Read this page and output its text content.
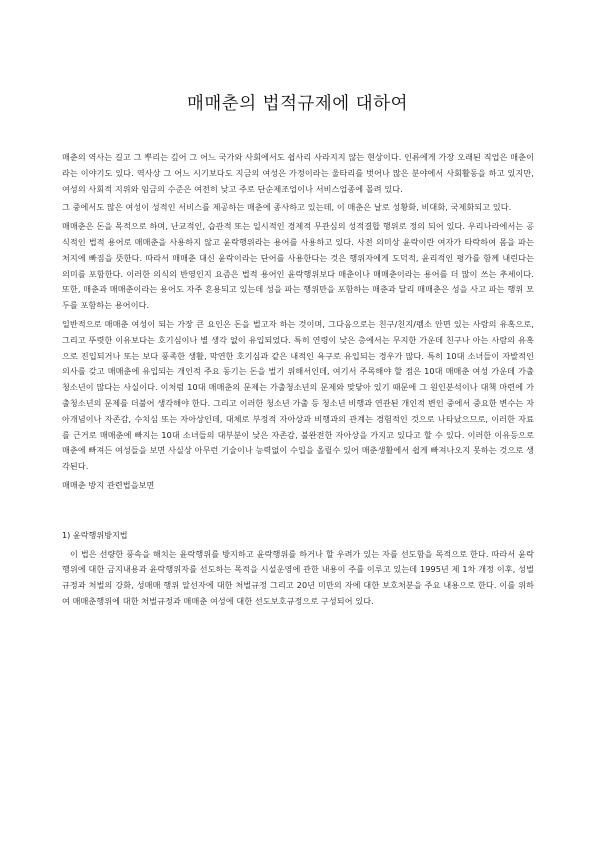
매매춘의 법적규제에 대하여

매춘의 역사는 길고 그 뿌리는 깊어 그 어느 국가와 사회에서도 쉽사리 사라지지 않는 현상이다. 인류에게 가장 오래된 직업은 매춘이라는 이야기도 있다. 역사상 그 어느 시기보다도 지금의 여성은 가정이라는 울타리를 벗어나 많은 분야에서 사회활동을 하고 있지만, 여성의 사회적 지위와 임금의 수준은 여전히 낮고 주로 단순제조업이나 서비스업종에 몰려 있다.

그 중에서도 많은 여성이 성적인 서비스를 제공하는 매춘에 종사하고 있는데, 이 매춘은 날로 성황화, 비대화, 국제화되고 있다.

매매춘은 돈을 목적으로 하며, 난교적인, 습관적 또는 일시적인 경제적 무관심의 성적결합 행위로 정의 되어 있다. 우리나라에서는 공식적인 법적 용어로 매매춘을 사용하지 않고 윤락행위라는 용어를 사용하고 있다. 사전 의미상 윤락이란 여자가 타락하여 몸을 파는 처지에 빠짐을 뜻한다. 따라서 매매춘 대신 윤락이라는 단어를 사용한다는 것은 행위자에게 도덕적, 윤리적인 평가를 함께 내린다는 의미를 포함한다. 이러한 의식의 반영인지 요즘은 법적 용어인 윤락행위보다 매춘이나 매매춘이라는 용어를 더 많이 쓰는 추세이다. 또한, 매춘과 매매춘이라는 용어도 자주 혼용되고 있는데 성을 파는 행위만을 포함하는 매춘과 달리 매매춘은 성을 사고 파는 행위 모두를 포함하는 용어이다.

일반적으로 매매춘 여성이 되는 가장 큰 요인은 돈을 벌고자 하는 것이며, 그다음으로는 친구/친지/펨소 안면 있는 사람의 유혹으로, 그리고 뚜렷한 이유보다는 호기심이나 별 생각 없이 유입되었다. 특히 연령이 낮은 층에서는 무지한 가운데 친구나 아는 사람의 유혹으로 진입되거나 또는 보다 풍족한 생활, 막연한 호기심과 같은 내적인 욕구로 유입되는 경우가 많다. 특히 10대 소녀들이 자발적인 의사를 갖고 매매춘에 유입되는 개인적 주요 동기는 돈을 벌기 위해서인데, 여기서 주목해야 할 점은 10대 매매춘 여성 가운데 가출청소년이 많다는 사실이다. 이처럼 10대 매매춘의 문제는 가출청소년의 문제와 맞닿아 있기 때문에 그 원인분석이나 대책 마련에 가출청소년의 문제를 더불어 생각해야 한다. 그리고 이러한 청소년 가출 등 청소년 비행과 연관된 개인적 변인 중에서 중요한 변수는 자아개념이나 자존감, 수치심 또는 자아상인데, 대체로 부정적 자아상과 비행과의 관계는 경험적인 것으로 나타났으므로, 이러한 자료를 근거로 매매춘에 빠지는 10대 소녀들의 대부분이 낮은 자존감, 불완전한 자아상을 가지고 있다고 할 수 있다. 이러한 이유등으로 매춘에 빠져든 여성들을 보면 사실상 아무런 기술이나 능력없이 수입을 올릴수 있어 매춘생활에서 쉽게 빠져나오지 못하는 것으로 생각된다.

매매춘 방지 관련법을보면

1) 윤락행위방지법

이 법은 선량한 풍속을 해치는 윤락행위를 방지하고 윤락행위를 하거나 할 우려가 있는 자를 선도함을 목적으로 한다. 따라서 윤락행위에 대한 금지내용과 윤락행위자를 선도하는 목적을 시설운영에 관한 내용이 주를 이루고 있는데 1995년 제 1차 개정 이후, 성벌 규정과 처벌의 강화, 성매매 행위 알선자에 대한 처벌규정 그리고 20년 미만의 자에 대한 보호처분을 주요 내용으로 한다. 이를 위하여 매매춘행위에 대한 처벌규정과 매매춘 여성에 대한 선도보호규정으로 구성되어 있다.
